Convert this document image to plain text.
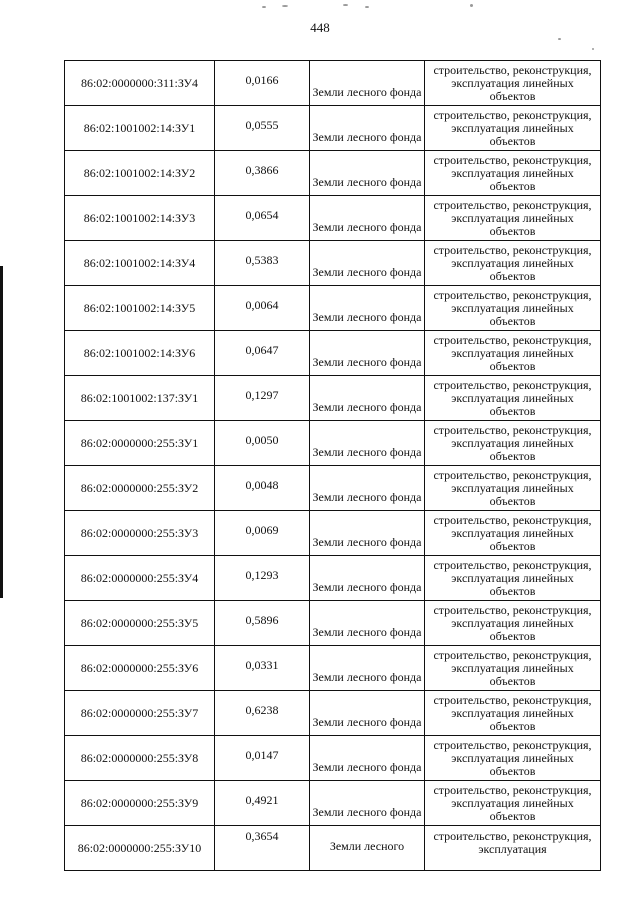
448
86:02:0000000:311:ЗУ4	0,0166	Земли лесного фонда	строительство, реконструкция, эксплуатация линейных объектов

86:02:1001002:14:ЗУ1	0,0555	Земли лесного фонда	строительство, реконструкция, эксплуатация линейных объектов

86:02:1001002:14:ЗУ2	0,3866	Земли лесного фонда	строительство, реконструкция, эксплуатация линейных объектов

86:02:1001002:14:ЗУ3	0,0654	Земли лесного фонда	строительство, реконструкция, эксплуатация линейных объектов

86:02:1001002:14:ЗУ4	0,5383	Земли лесного фонда	строительство, реконструкция, эксплуатация линейных объектов

86:02:1001002:14:ЗУ5	0,0064	Земли лесного фонда	строительство, реконструкция, эксплуатация линейных объектов

86:02:1001002:14:ЗУ6	0,0647	Земли лесного фонда	строительство, реконструкция, эксплуатация линейных объектов

86:02:1001002:137:ЗУ1	0,1297	Земли лесного фонда	строительство, реконструкция, эксплуатация линейных объектов

86:02:0000000:255:ЗУ1	0,0050	Земли лесного фонда	строительство, реконструкция, эксплуатация линейных объектов

86:02:0000000:255:ЗУ2	0,0048	Земли лесного фонда	строительство, реконструкция, эксплуатация линейных объектов

86:02:0000000:255:ЗУ3	0,0069	Земли лесного фонда	строительство, реконструкция, эксплуатация линейных объектов

86:02:0000000:255:ЗУ4	0,1293	Земли лесного фонда	строительство, реконструкция, эксплуатация линейных объектов

86:02:0000000:255:ЗУ5	0,5896	Земли лесного фонда	строительство, реконструкция, эксплуатация линейных объектов

86:02:0000000:255:ЗУ6	0,0331	Земли лесного фонда	строительство, реконструкция, эксплуатация линейных объектов

86:02:0000000:255:ЗУ7	0,6238	Земли лесного фонда	строительство, реконструкция, эксплуатация линейных объектов

86:02:0000000:255:ЗУ8	0,0147	Земли лесного фонда	строительство, реконструкция, эксплуатация линейных объектов

86:02:0000000:255:ЗУ9	0,4921	Земли лесного фонда	строительство, реконструкция, эксплуатация линейных объектов

86:02:0000000:255:ЗУ10	0,3654	Земли лесного	строительство, реконструкция, эксплуатация
